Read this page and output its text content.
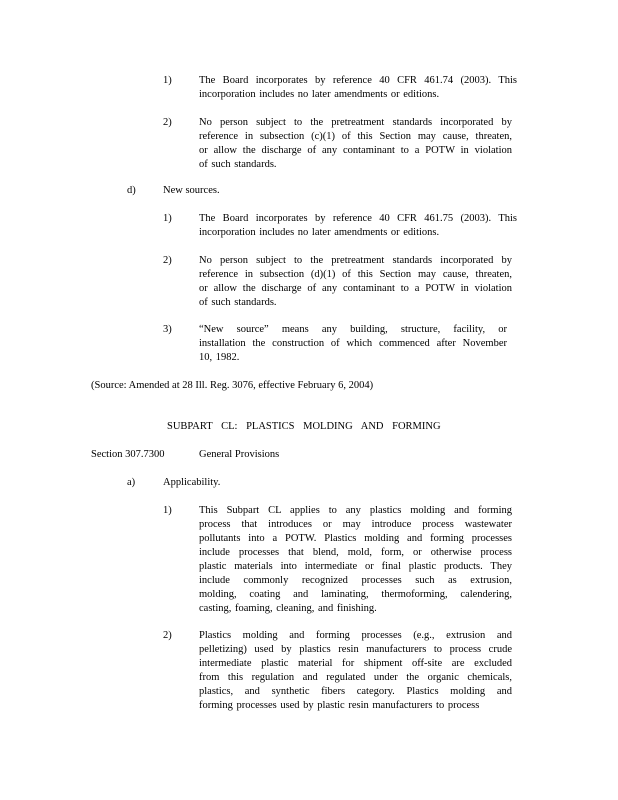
1)	The Board incorporates by reference 40 CFR 461.74 (2003). This
incorporation includes no later amendments or editions.
2)	No person subject to the pretreatment standards incorporated by
reference in subsection (c)(1) of this Section may cause, threaten,
or allow the discharge of any contaminant to a POTW in violation
of such standards.
d)	New sources.
1)	The Board incorporates by reference 40 CFR 461.75 (2003). This
incorporation includes no later amendments or editions.
2)	No person subject to the pretreatment standards incorporated by
reference in subsection (d)(1) of this Section may cause, threaten,
or allow the discharge of any contaminant to a POTW in violation
of such standards.
3)	“New source” means any building, structure, facility, or
installation the construction of which commenced after November
10, 1982.
(Source: Amended at 28 Ill. Reg. 3076, effective February 6, 2004)
SUBPART CL: PLASTICS MOLDING AND FORMING
Section 307.7300	General Provisions
a)	Applicability.
1)	This Subpart CL applies to any plastics molding and forming
process that introduces or may introduce process wastewater
pollutants into a POTW. Plastics molding and forming processes
include processes that blend, mold, form, or otherwise process
plastic materials into intermediate or final plastic products. They
include commonly recognized processes such as extrusion,
molding, coating and laminating, thermoforming, calendering,
casting, foaming, cleaning, and finishing.
2)	Plastics molding and forming processes (e.g., extrusion and
pelletizing) used by plastics resin manufacturers to process crude
intermediate plastic material for shipment off-site are excluded
from this regulation and regulated under the organic chemicals,
plastics, and synthetic fibers category. Plastics molding and
forming processes used by plastic resin manufacturers to process
